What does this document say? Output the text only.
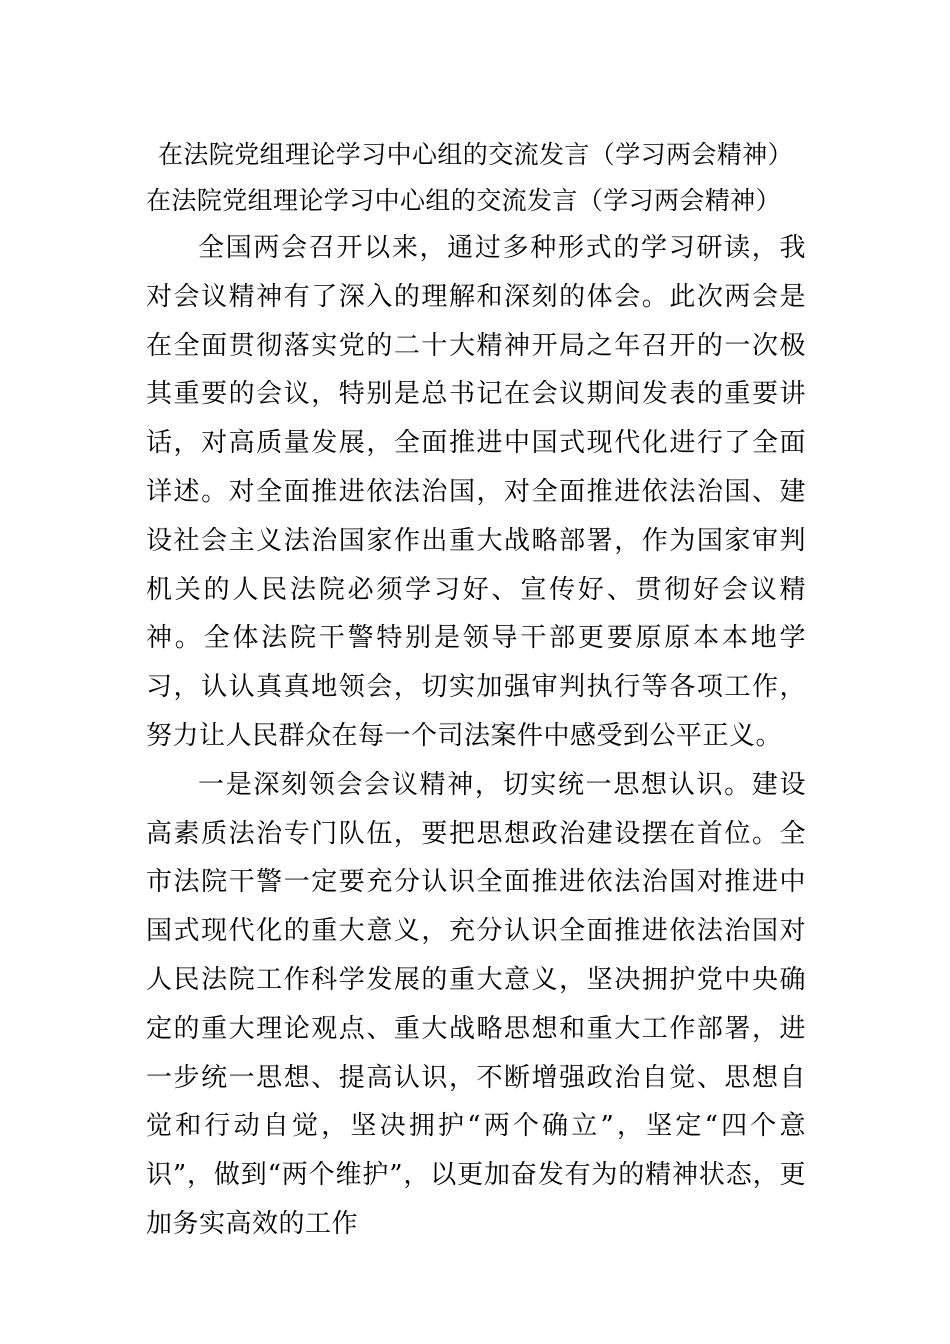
在法院党组理论学习中心组的交流发言（学习两会精神）
在法院党组理论学习中心组的交流发言（学习两会精神）

全国两会召开以来，通过多种形式的学习研读，我对会议精神有了深入的理解和深刻的体会。此次两会是在全面贯彻落实党的二十大精神开局之年召开的一次极其重要的会议，特别是总书记在会议期间发表的重要讲话，对高质量发展，全面推进中国式现代化进行了全面详述。对全面推进依法治国，对全面推进依法治国、建设社会主义法治国家作出重大战略部署，作为国家审判机关的人民法院必须学习好、宣传好、贯彻好会议精神。全体法院干警特别是领导干部更要原原本本地学习，认认真真地领会，切实加强审判执行等各项工作，努力让人民群众在每一个司法案件中感受到公平正义。

一是深刻领会会议精神，切实统一思想认识。建设高素质法治专门队伍，要把思想政治建设摆在首位。全市法院干警一定要充分认识全面推进依法治国对推进中国式现代化的重大意义，充分认识全面推进依法治国对人民法院工作科学发展的重大意义，坚决拥护党中央确定的重大理论观点、重大战略思想和重大工作部署，进一步统一思想、提高认识，不断增强政治自觉、思想自觉和行动自觉，坚决拥护“两个确立”，坚定“四个意识”，做到“两个维护”，以更加奋发有为的精神状态，更加务实高效的工作
